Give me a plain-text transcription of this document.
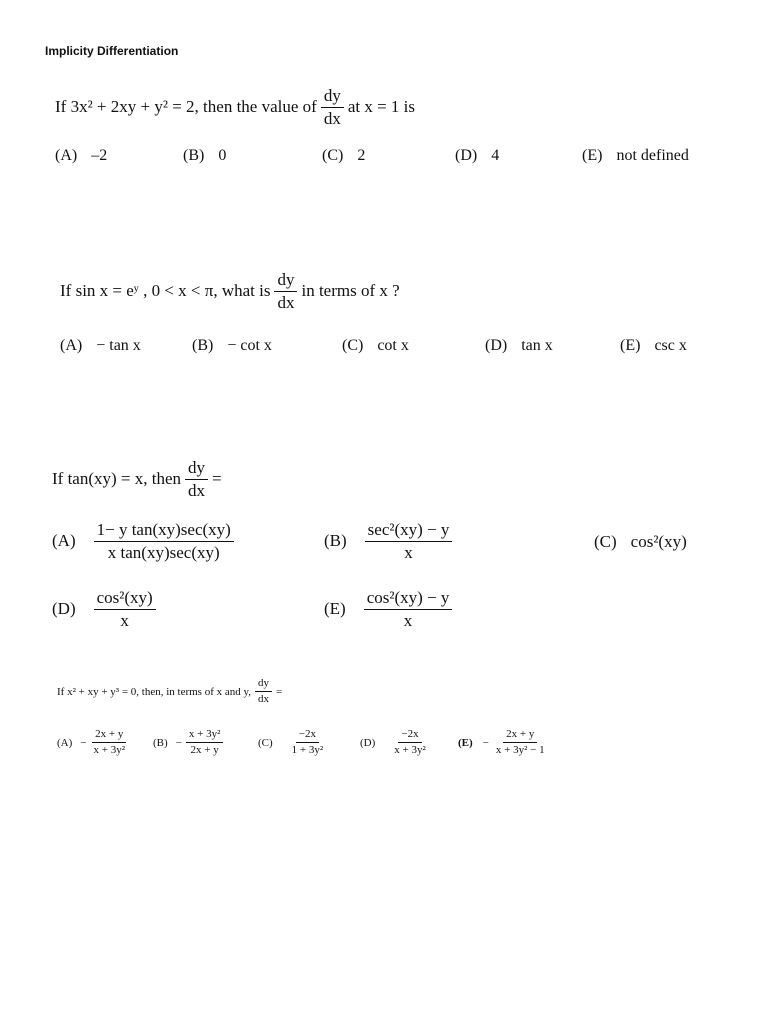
Implicity Differentiation
If
3x² + 2xy + y² = 2,
then the value of $\frac{dy}{dx}$ at x = 1 is
(A) –2	(B) 0	(C) 2	(D) 4	(E) not defined
If sin x = eʸ , 0 < x < π, what is $\frac{dy}{dx}$ in terms of x ?
(A) − tan x	(B) − cot x	(C) cot x	(D) tan x	(E) csc x
If tan(xy) = x, then $\frac{dy}{dx}$ =
$(A) \frac{\text{1− y tan(xy)sec(xy)}}{\text{x tan(xy)sec(xy)}}$	$(B) \frac{\text{sec²(xy) − y}}{x}$	(C) cos²(xy)
$(D) \frac{\text{cos²(xy)}}{x}$	$(E) \frac{\text{cos²(xy) − y}}{x}$
If x² + xy + y³ = 0, then, in terms of x and y, $\frac{dy}{dx}$ =
$(A) - \frac{2x + y}{\text{x + 3y²}} (B) - \frac{\text{x + 3y²}}{2x + y}$	$(C) \frac{-2x}{\text{1 + 3y²}}$	$(D) \frac{-2x}{\text{x + 3y²}}$	$(E) - \frac{2x + y}{\text{x + 3y² − 1}}$
